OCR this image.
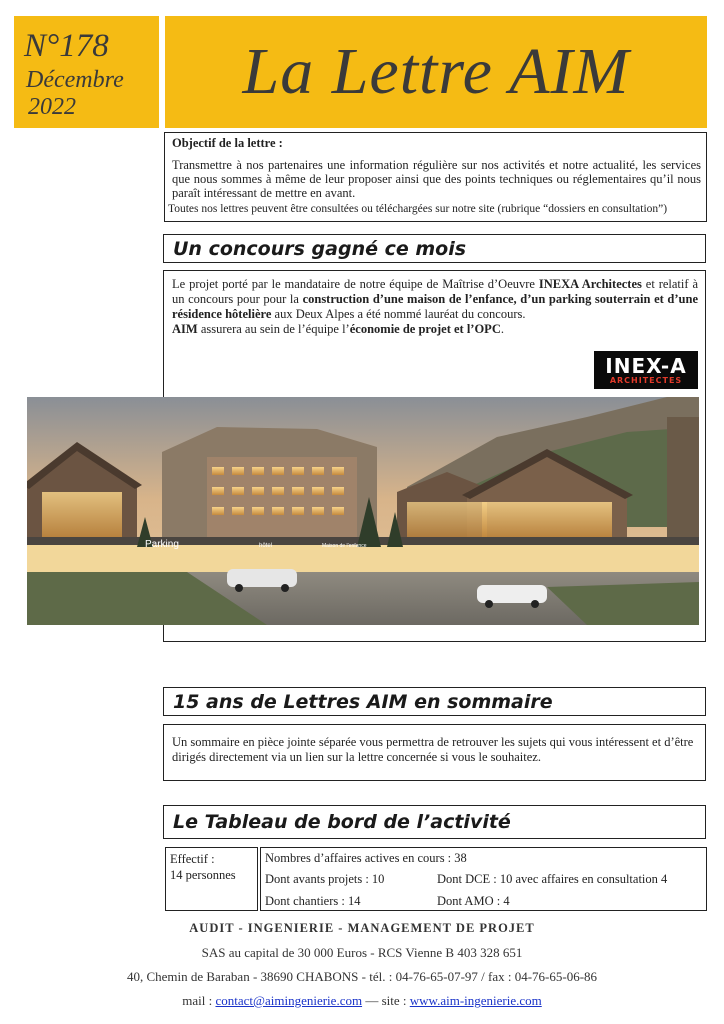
N°178
Décembre
2022	La Lettre AIM
Objectif de la lettre :
Transmettre à nos partenaires une information régulière sur nos activités et notre actualité, les services que nous sommes à même de leur proposer ainsi que des points techniques ou réglementaires qu’il nous paraît intéressant de mettre en avant.
Toutes nos lettres peuvent être consultées ou téléchargées sur notre site (rubrique “dossiers en consultation”)
Un concours gagné ce mois
Le projet porté par le mandataire de notre équipe de Maîtrise d’Oeuvre INEXA Architectes et relatif à un concours pour pour la construction d’une maison de l’enfance, d’un parking souterrain et d’une résidence hôtelière aux Deux Alpes a été nommé lauréat du concours.
AIM assurera au sein de l’équipe l’économie de projet et l’OPC.
INEX-A
ARCHITECTES
Parking	hôtel	Maison de l’enfance
15 ans de Lettres AIM en sommaire
Un sommaire en pièce jointe séparée vous permettra de retrouver les sujets qui vous intéressent et d’être dirigés directement via un lien sur la lettre concernée si vous le souhaitez.
Le Tableau de bord de l’activité
Effectif :
14 personnes
Nombres d’affaires actives en cours : 38
Dont avants projets : 10	Dont DCE : 10 avec affaires en consultation 4
Dont chantiers : 14	Dont AMO : 4
AUDIT - INGENIERIE - MANAGEMENT DE PROJET
SAS au capital de 30 000 Euros - RCS Vienne B 403 328 651
40, Chemin de Baraban - 38690 CHABONS - tél. : 04-76-65-07-97 / fax : 04-76-65-06-86
mail : contact@aimingenierie.com — site : www.aim-ingenierie.com
